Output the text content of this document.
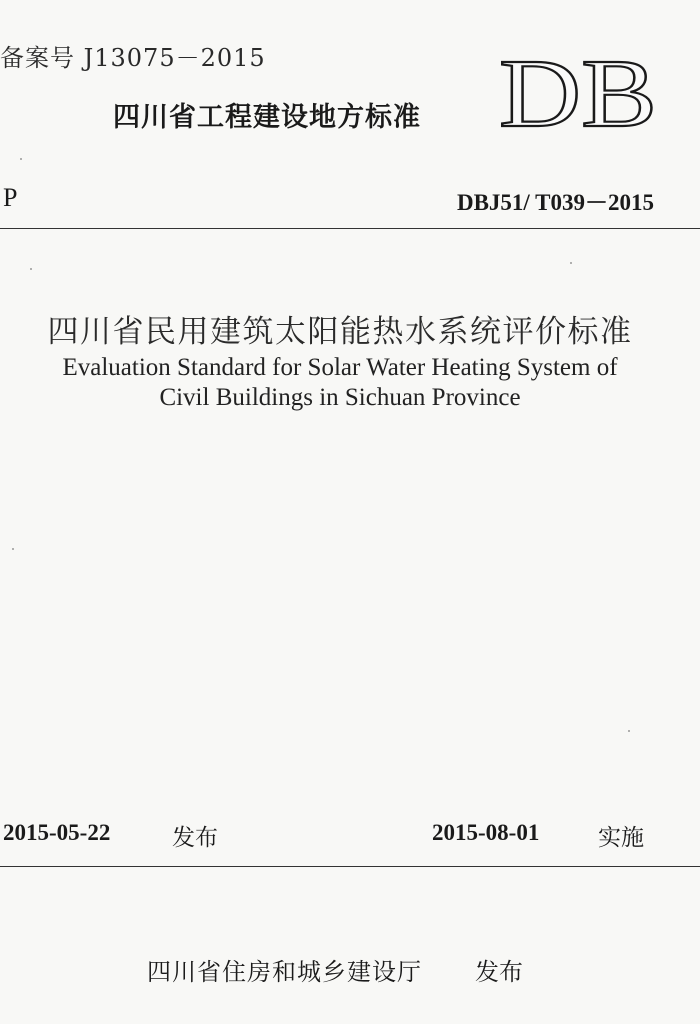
备案号 J13075－2015
四川省工程建设地方标准 DB
P	DBJ51/ T039－2015
四川省民用建筑太阳能热水系统评价标准
Evaluation Standard for Solar Water Heating System of
Civil Buildings in Sichuan Province
2015-05-22	发布	2015-08-01	实施
四川省住房和城乡建设厅 发布
